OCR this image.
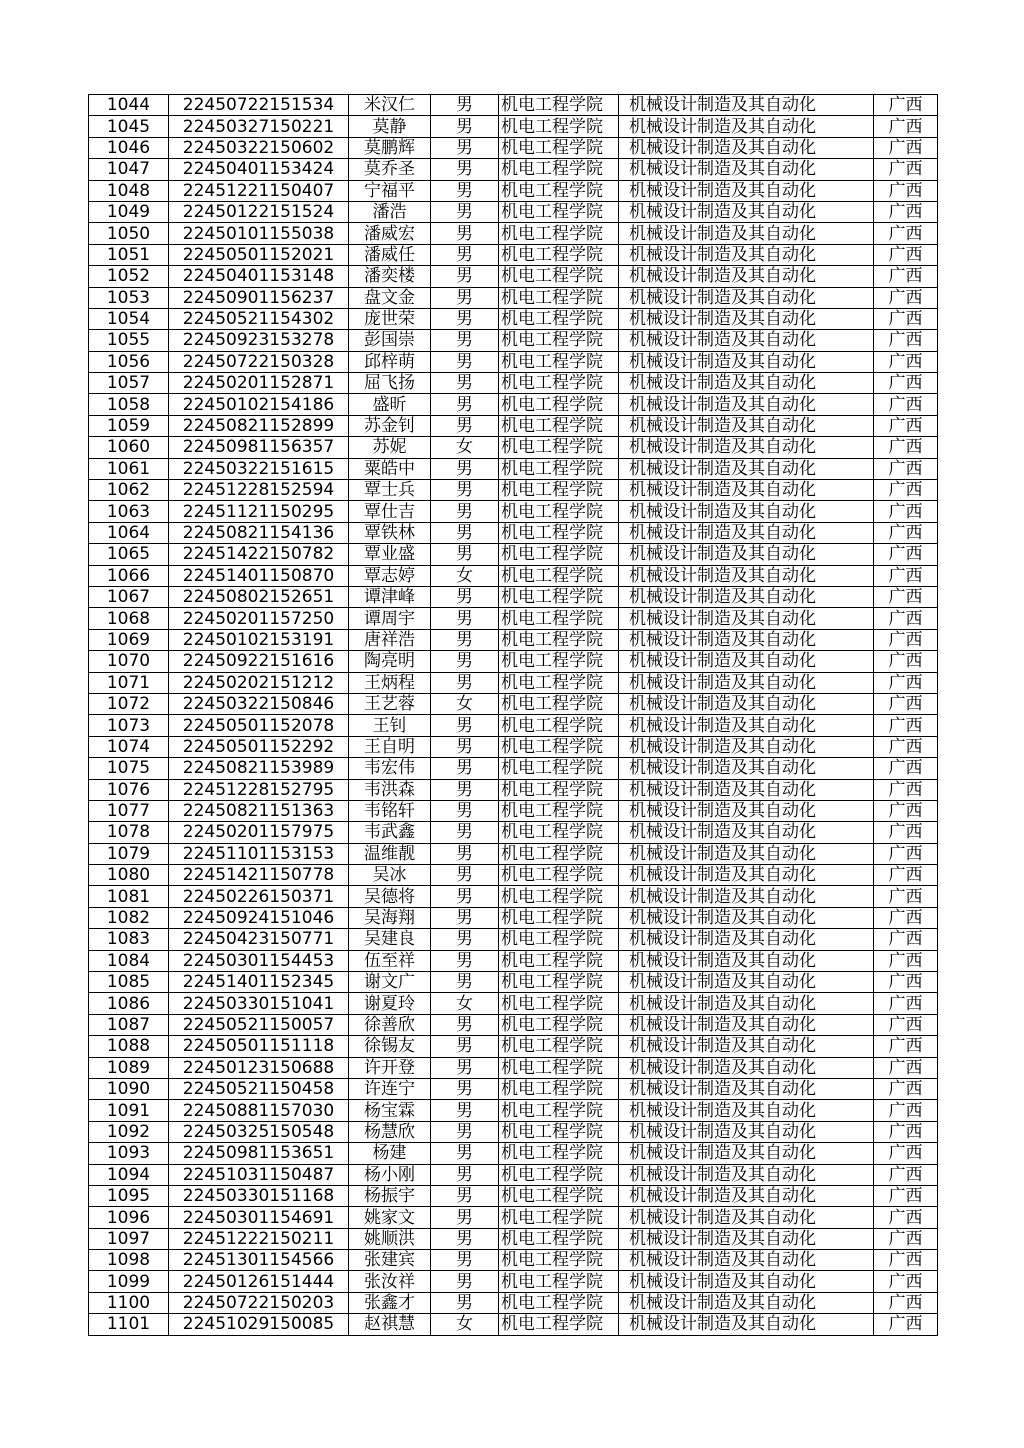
1044	22450722151534	米汉仁	男	机电工程学院	机械设计制造及其自动化	广西
1045	22450327150221	莫静	男	机电工程学院	机械设计制造及其自动化	广西
1046	22450322150602	莫鹏辉	男	机电工程学院	机械设计制造及其自动化	广西
1047	22450401153424	莫乔圣	男	机电工程学院	机械设计制造及其自动化	广西
1048	22451221150407	宁福平	男	机电工程学院	机械设计制造及其自动化	广西
1049	22450122151524	潘浩	男	机电工程学院	机械设计制造及其自动化	广西
1050	22450101155038	潘威宏	男	机电工程学院	机械设计制造及其自动化	广西
1051	22450501152021	潘威任	男	机电工程学院	机械设计制造及其自动化	广西
1052	22450401153148	潘奕楼	男	机电工程学院	机械设计制造及其自动化	广西
1053	22450901156237	盘文金	男	机电工程学院	机械设计制造及其自动化	广西
1054	22450521154302	庞世荣	男	机电工程学院	机械设计制造及其自动化	广西
1055	22450923153278	彭国崇	男	机电工程学院	机械设计制造及其自动化	广西
1056	22450722150328	邱梓萌	男	机电工程学院	机械设计制造及其自动化	广西
1057	22450201152871	屈飞扬	男	机电工程学院	机械设计制造及其自动化	广西
1058	22450102154186	盛昕	男	机电工程学院	机械设计制造及其自动化	广西
1059	22450821152899	苏金钊	男	机电工程学院	机械设计制造及其自动化	广西
1060	22450981156357	苏妮	女	机电工程学院	机械设计制造及其自动化	广西
1061	22450322151615	粟皓中	男	机电工程学院	机械设计制造及其自动化	广西
1062	22451228152594	覃士兵	男	机电工程学院	机械设计制造及其自动化	广西
1063	22451121150295	覃仕吉	男	机电工程学院	机械设计制造及其自动化	广西
1064	22450821154136	覃铁林	男	机电工程学院	机械设计制造及其自动化	广西
1065	22451422150782	覃业盛	男	机电工程学院	机械设计制造及其自动化	广西
1066	22451401150870	覃志婷	女	机电工程学院	机械设计制造及其自动化	广西
1067	22450802152651	谭津峰	男	机电工程学院	机械设计制造及其自动化	广西
1068	22450201157250	谭周宇	男	机电工程学院	机械设计制造及其自动化	广西
1069	22450102153191	唐祥浩	男	机电工程学院	机械设计制造及其自动化	广西
1070	22450922151616	陶亮明	男	机电工程学院	机械设计制造及其自动化	广西
1071	22450202151212	王炳程	男	机电工程学院	机械设计制造及其自动化	广西
1072	22450322150846	王艺蓉	女	机电工程学院	机械设计制造及其自动化	广西
1073	22450501152078	王钊	男	机电工程学院	机械设计制造及其自动化	广西
1074	22450501152292	王自明	男	机电工程学院	机械设计制造及其自动化	广西
1075	22450821153989	韦宏伟	男	机电工程学院	机械设计制造及其自动化	广西
1076	22451228152795	韦洪森	男	机电工程学院	机械设计制造及其自动化	广西
1077	22450821151363	韦铭轩	男	机电工程学院	机械设计制造及其自动化	广西
1078	22450201157975	韦武鑫	男	机电工程学院	机械设计制造及其自动化	广西
1079	22451101153153	温维靓	男	机电工程学院	机械设计制造及其自动化	广西
1080	22451421150778	吴冰	男	机电工程学院	机械设计制造及其自动化	广西
1081	22450226150371	吴德将	男	机电工程学院	机械设计制造及其自动化	广西
1082	22450924151046	吴海翔	男	机电工程学院	机械设计制造及其自动化	广西
1083	22450423150771	吴建良	男	机电工程学院	机械设计制造及其自动化	广西
1084	22450301154453	伍至祥	男	机电工程学院	机械设计制造及其自动化	广西
1085	22451401152345	谢文广	男	机电工程学院	机械设计制造及其自动化	广西
1086	22450330151041	谢夏玲	女	机电工程学院	机械设计制造及其自动化	广西
1087	22450521150057	徐善欣	男	机电工程学院	机械设计制造及其自动化	广西
1088	22450501151118	徐锡友	男	机电工程学院	机械设计制造及其自动化	广西
1089	22450123150688	许开登	男	机电工程学院	机械设计制造及其自动化	广西
1090	22450521150458	许连宁	男	机电工程学院	机械设计制造及其自动化	广西
1091	22450881157030	杨宝霖	男	机电工程学院	机械设计制造及其自动化	广西
1092	22450325150548	杨慧欣	男	机电工程学院	机械设计制造及其自动化	广西
1093	22450981153651	杨建	男	机电工程学院	机械设计制造及其自动化	广西
1094	22451031150487	杨小刚	男	机电工程学院	机械设计制造及其自动化	广西
1095	22450330151168	杨振宇	男	机电工程学院	机械设计制造及其自动化	广西
1096	22450301154691	姚家文	男	机电工程学院	机械设计制造及其自动化	广西
1097	22451222150211	姚顺洪	男	机电工程学院	机械设计制造及其自动化	广西
1098	22451301154566	张建宾	男	机电工程学院	机械设计制造及其自动化	广西
1099	22450126151444	张汝祥	男	机电工程学院	机械设计制造及其自动化	广西
1100	22450722150203	张鑫才	男	机电工程学院	机械设计制造及其自动化	广西
1101	22451029150085	赵祺慧	女	机电工程学院	机械设计制造及其自动化	广西
